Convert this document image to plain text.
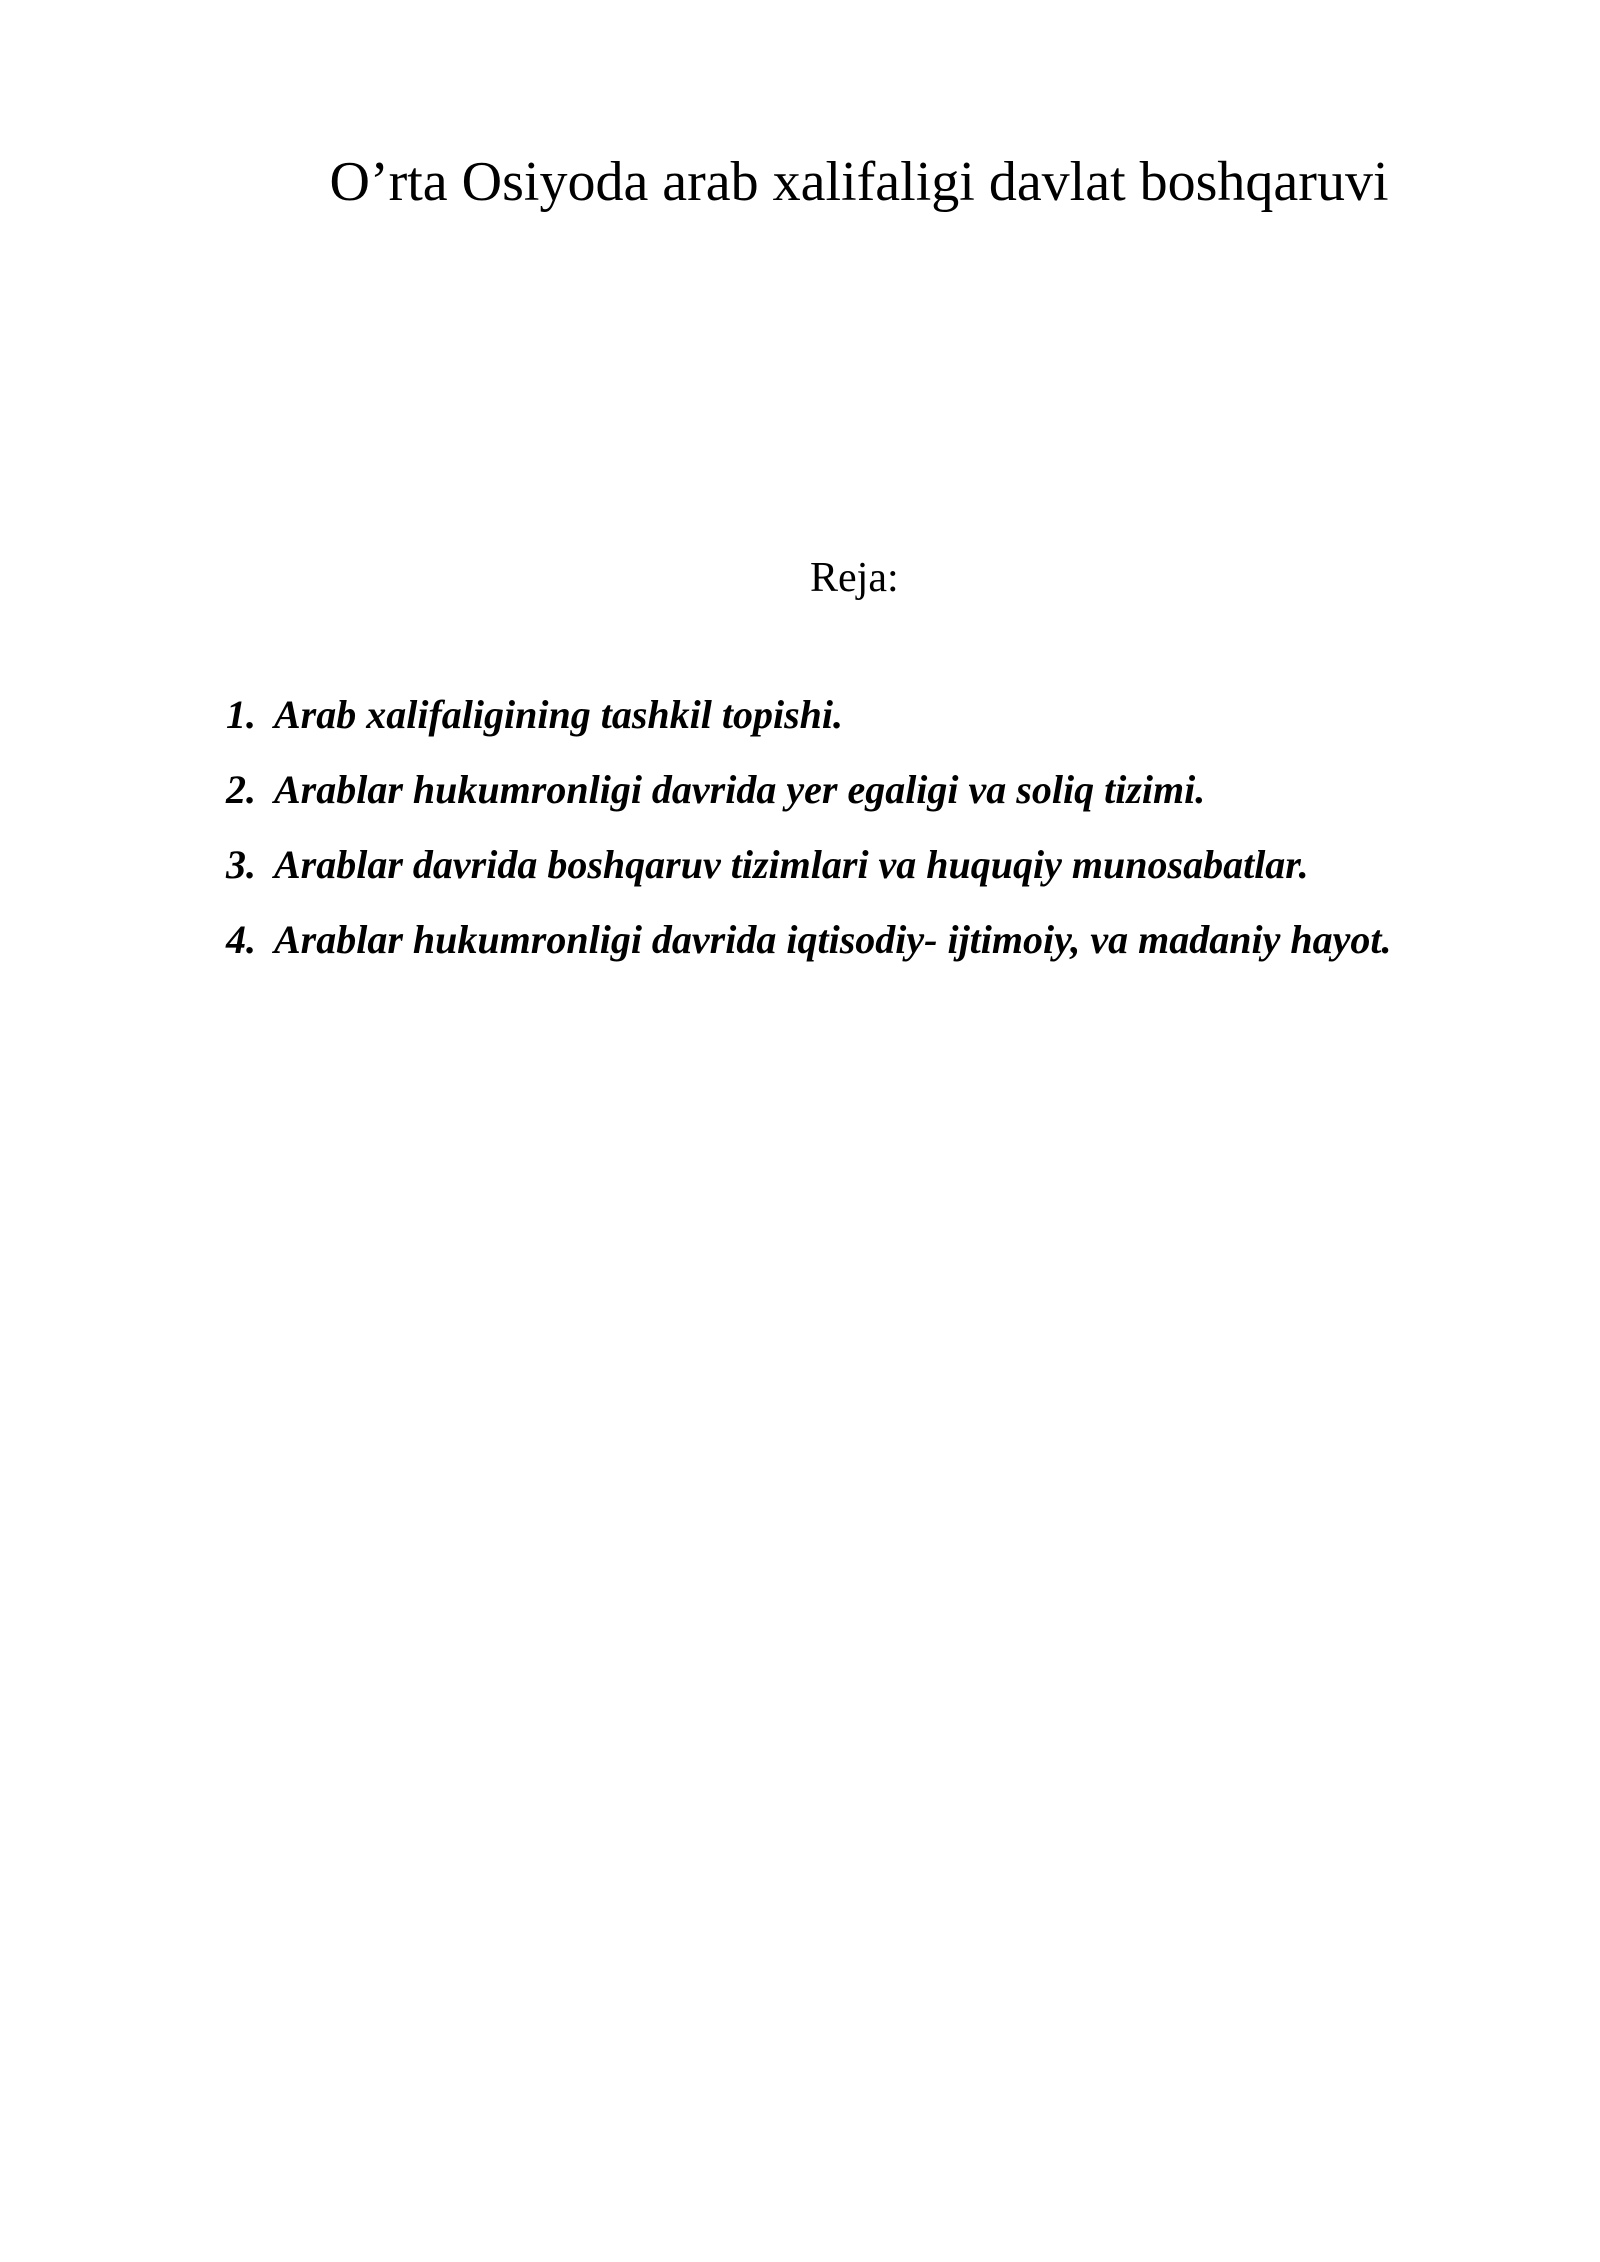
O’rta Osiyoda arab xalifaligi davlat boshqaruvi
Reja:
1. Arab xalifaligining tashkil topishi.
2. Arablar hukumronligi davrida yer egaligi va soliq tizimi.
3. Arablar davrida boshqaruv tizimlari va huquqiy munosabatlar.
4. Arablar hukumronligi davrida iqtisodiy- ijtimoiy, va madaniy hayot.
